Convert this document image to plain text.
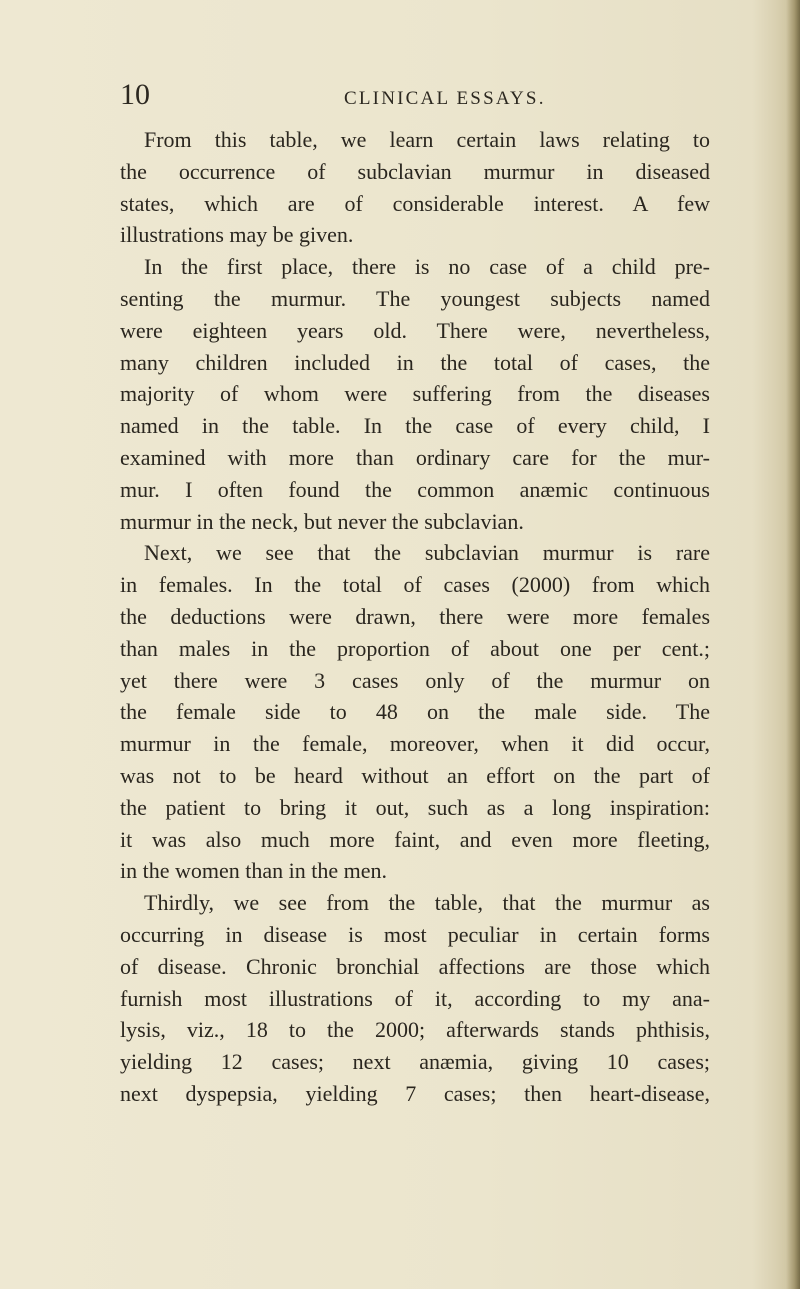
10	CLINICAL ESSAYS.
From this table, we learn certain laws relating to
the occurrence of subclavian murmur in diseased
states, which are of considerable interest. A few
illustrations may be given.
In the first place, there is no case of a child pre-
senting the murmur. The youngest subjects named
were eighteen years old. There were, nevertheless,
many children included in the total of cases, the
majority of whom were suffering from the diseases
named in the table. In the case of every child, I
examined with more than ordinary care for the mur-
mur. I often found the common anæmic continuous
murmur in the neck, but never the subclavian.
Next, we see that the subclavian murmur is rare
in females. In the total of cases (2000) from which
the deductions were drawn, there were more females
than males in the proportion of about one per cent.;
yet there were 3 cases only of the murmur on
the female side to 48 on the male side. The
murmur in the female, moreover, when it did occur,
was not to be heard without an effort on the part of
the patient to bring it out, such as a long inspiration:
it was also much more faint, and even more fleeting,
in the women than in the men.
Thirdly, we see from the table, that the murmur as
occurring in disease is most peculiar in certain forms
of disease. Chronic bronchial affections are those which
furnish most illustrations of it, according to my ana-
lysis, viz., 18 to the 2000; afterwards stands phthisis,
yielding 12 cases; next anæmia, giving 10 cases;
next dyspepsia, yielding 7 cases; then heart-disease,
